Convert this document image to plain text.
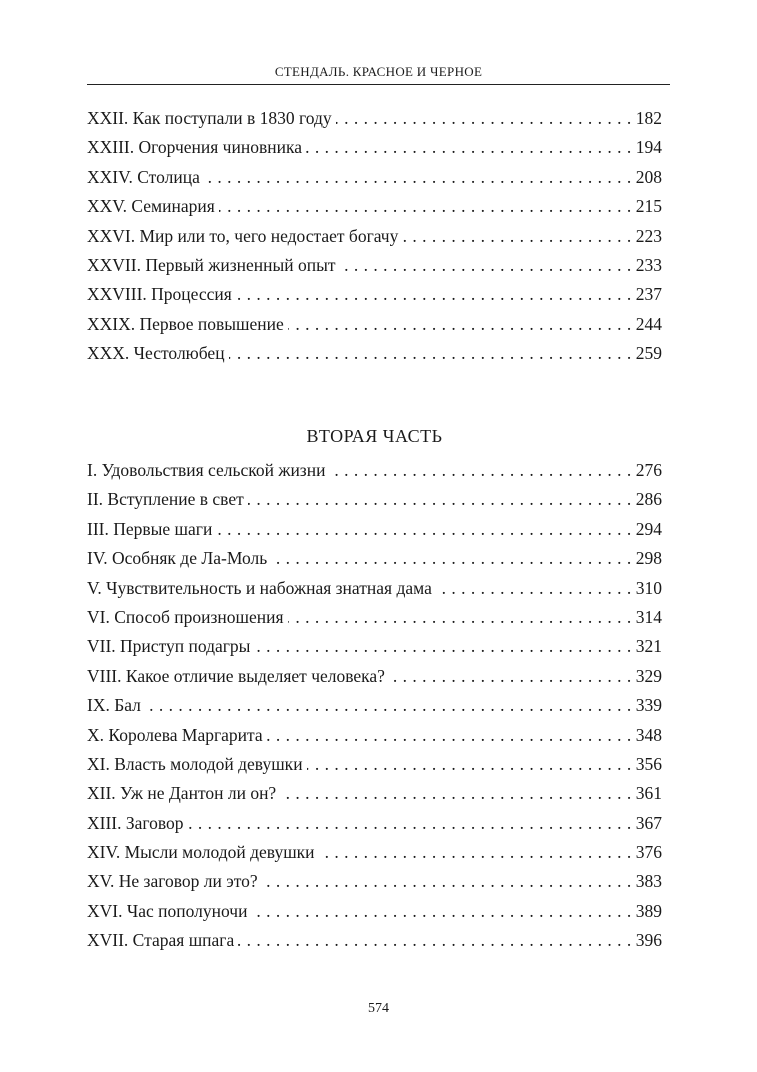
СТЕНДАЛЬ. КРАСНОЕ И ЧЕРНОЕ
XXII. Как поступали в 1830 году . . .	182
XXIII. Огорчения чиновника . . .	194
XXIV. Столица . . .	208
XXV. Семинария . . .	215
XXVI. Мир или то, чего недостает богачу . . .	223
XXVII. Первый жизненный опыт . . .	233
XXVIII. Процессия . . .	237
XXIX. Первое повышение . . .	244
XXX. Честолюбец . . .	259
ВТОРАЯ ЧАСТЬ
I. Удовольствия сельской жизни . . .	276
II. Вступление в свет . . .	286
III. Первые шаги . . .	294
IV. Особняк де Ла-Моль . . .	298
V. Чувствительность и набожная знатная дама . . .	310
VI. Способ произношения . . .	314
VII. Приступ подагры . . .	321
VIII. Какое отличие выделяет человека? . . .	329
IX. Бал . . .	339
X. Королева Маргарита . . .	348
XI. Власть молодой девушки . . .	356
XII. Уж не Дантон ли он? . . .	361
XIII. Заговор . . .	367
XIV. Мысли молодой девушки . . .	376
XV. Не заговор ли это? . . .	383
XVI. Час пополуночи . . .	389
XVII. Старая шпага . . .	396
574
